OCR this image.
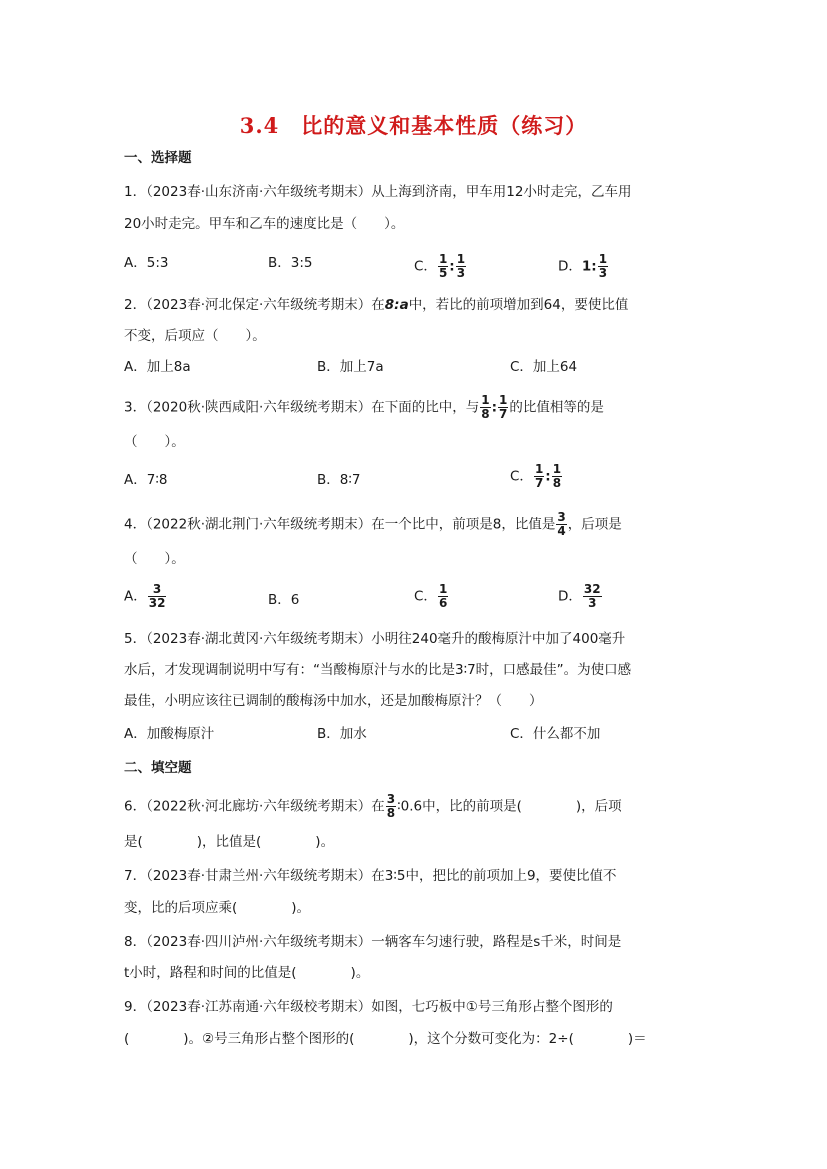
3.4　比的意义和基本性质（练习）
一、选择题
1．（2023春·山东济南·六年级统考期末）从上海到济南，甲车用12小时走完，乙车用
20小时走完。甲车和乙车的速度比是（　　）。
A．5:3	B．3:5	C． $\frac{1}{5}$ : $\frac{1}{3}$	D．1: $\frac{1}{3}$
2．（2023春·河北保定·六年级统考期末）在8:a中，若比的前项增加到64，要使比值
不变，后项应（　　）。
A．加上8a	B．加上7a	C．加上64
3．（2020秋·陕西咸阳·六年级统考期末）在下面的比中，与 $\frac{1}{8}$ : $\frac{1}{7}$ 的比值相等的是
（　　）。
A．7∶8	B．8∶7	C． $\frac{1}{7}$ : $\frac{1}{8}$
4．（2022秋·湖北荆门·六年级统考期末）在一个比中，前项是8，比值是 $\frac{3}{4}$ ，后项是
（　　）。
A． $\frac{3}{32}$	B．6	C． $\frac{1}{6}$	D． $\frac{32}{3}$
5．（2023春·湖北黄冈·六年级统考期末）小明往240毫升的酸梅原汁中加了400毫升
水后，才发现调制说明中写有：“当酸梅原汁与水的比是3∶7时，口感最佳”。为使口感
最佳，小明应该往已调制的酸梅汤中加水，还是加酸梅原汁？（　　）
A．加酸梅原汁	B．加水	C．什么都不加
二、填空题
6．（2022秋·河北廊坊·六年级统考期末）在 $\frac{3}{8}$ ∶0.6中，比的前项是(　　　　)，后项
是(　　　　)，比值是(　　　　)。
7．（2023春·甘肃兰州·六年级统考期末）在3∶5中，把比的前项加上9，要使比值不
变，比的后项应乘(　　　　)。
8．（2023春·四川泸州·六年级统考期末）一辆客车匀速行驶，路程是s千米，时间是
t小时，路程和时间的比值是(　　　　)。
9．（2023春·江苏南通·六年级校考期末）如图，七巧板中①号三角形占整个图形的
(　　　　)。②号三角形占整个图形的(　　　　)，这个分数可变化为：2÷(　　　　)＝
